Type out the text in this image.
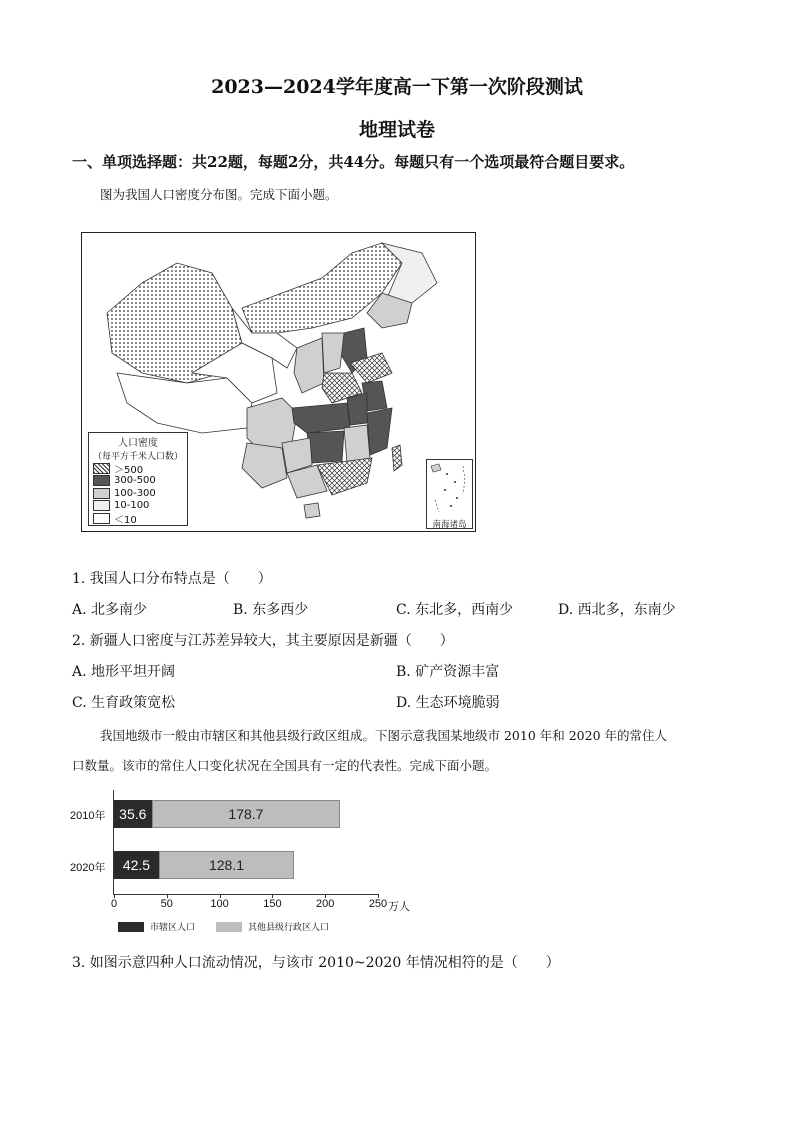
2023—2024学年度高一下第一次阶段测试
地理试卷
一、单项选择题：共22题，每题2分，共44分。每题只有一个选项最符合题目要求。
图为我国人口密度分布图。完成下面小题。
人口密度
（每平方千米人口数）
＞500
300-500
100-300
10-100
＜10	南海诸岛
1. 我国人口分布特点是（　　）
A. 北多南少	B. 东多西少	C. 东北多，西南少	D. 西北多，东南少
2. 新疆人口密度与江苏差异较大，其主要原因是新疆（　　）
A. 地形平坦开阔	B. 矿产资源丰富
C. 生育政策宽松	D. 生态环境脆弱
我国地级市一般由市辖区和其他县级行政区组成。下图示意我国某地级市 2010 年和 2020 年的常住人
口数量。该市的常住人口变化状况在全国具有一定的代表性。完成下面小题。
35.6	178.7
42.5	128.1
0	50	100	150	200	250
2010年
2020年
万人
市辖区人口	其他县级行政区人口
3. 如图示意四种人口流动情况，与该市 2010~2020 年情况相符的是（　　）
